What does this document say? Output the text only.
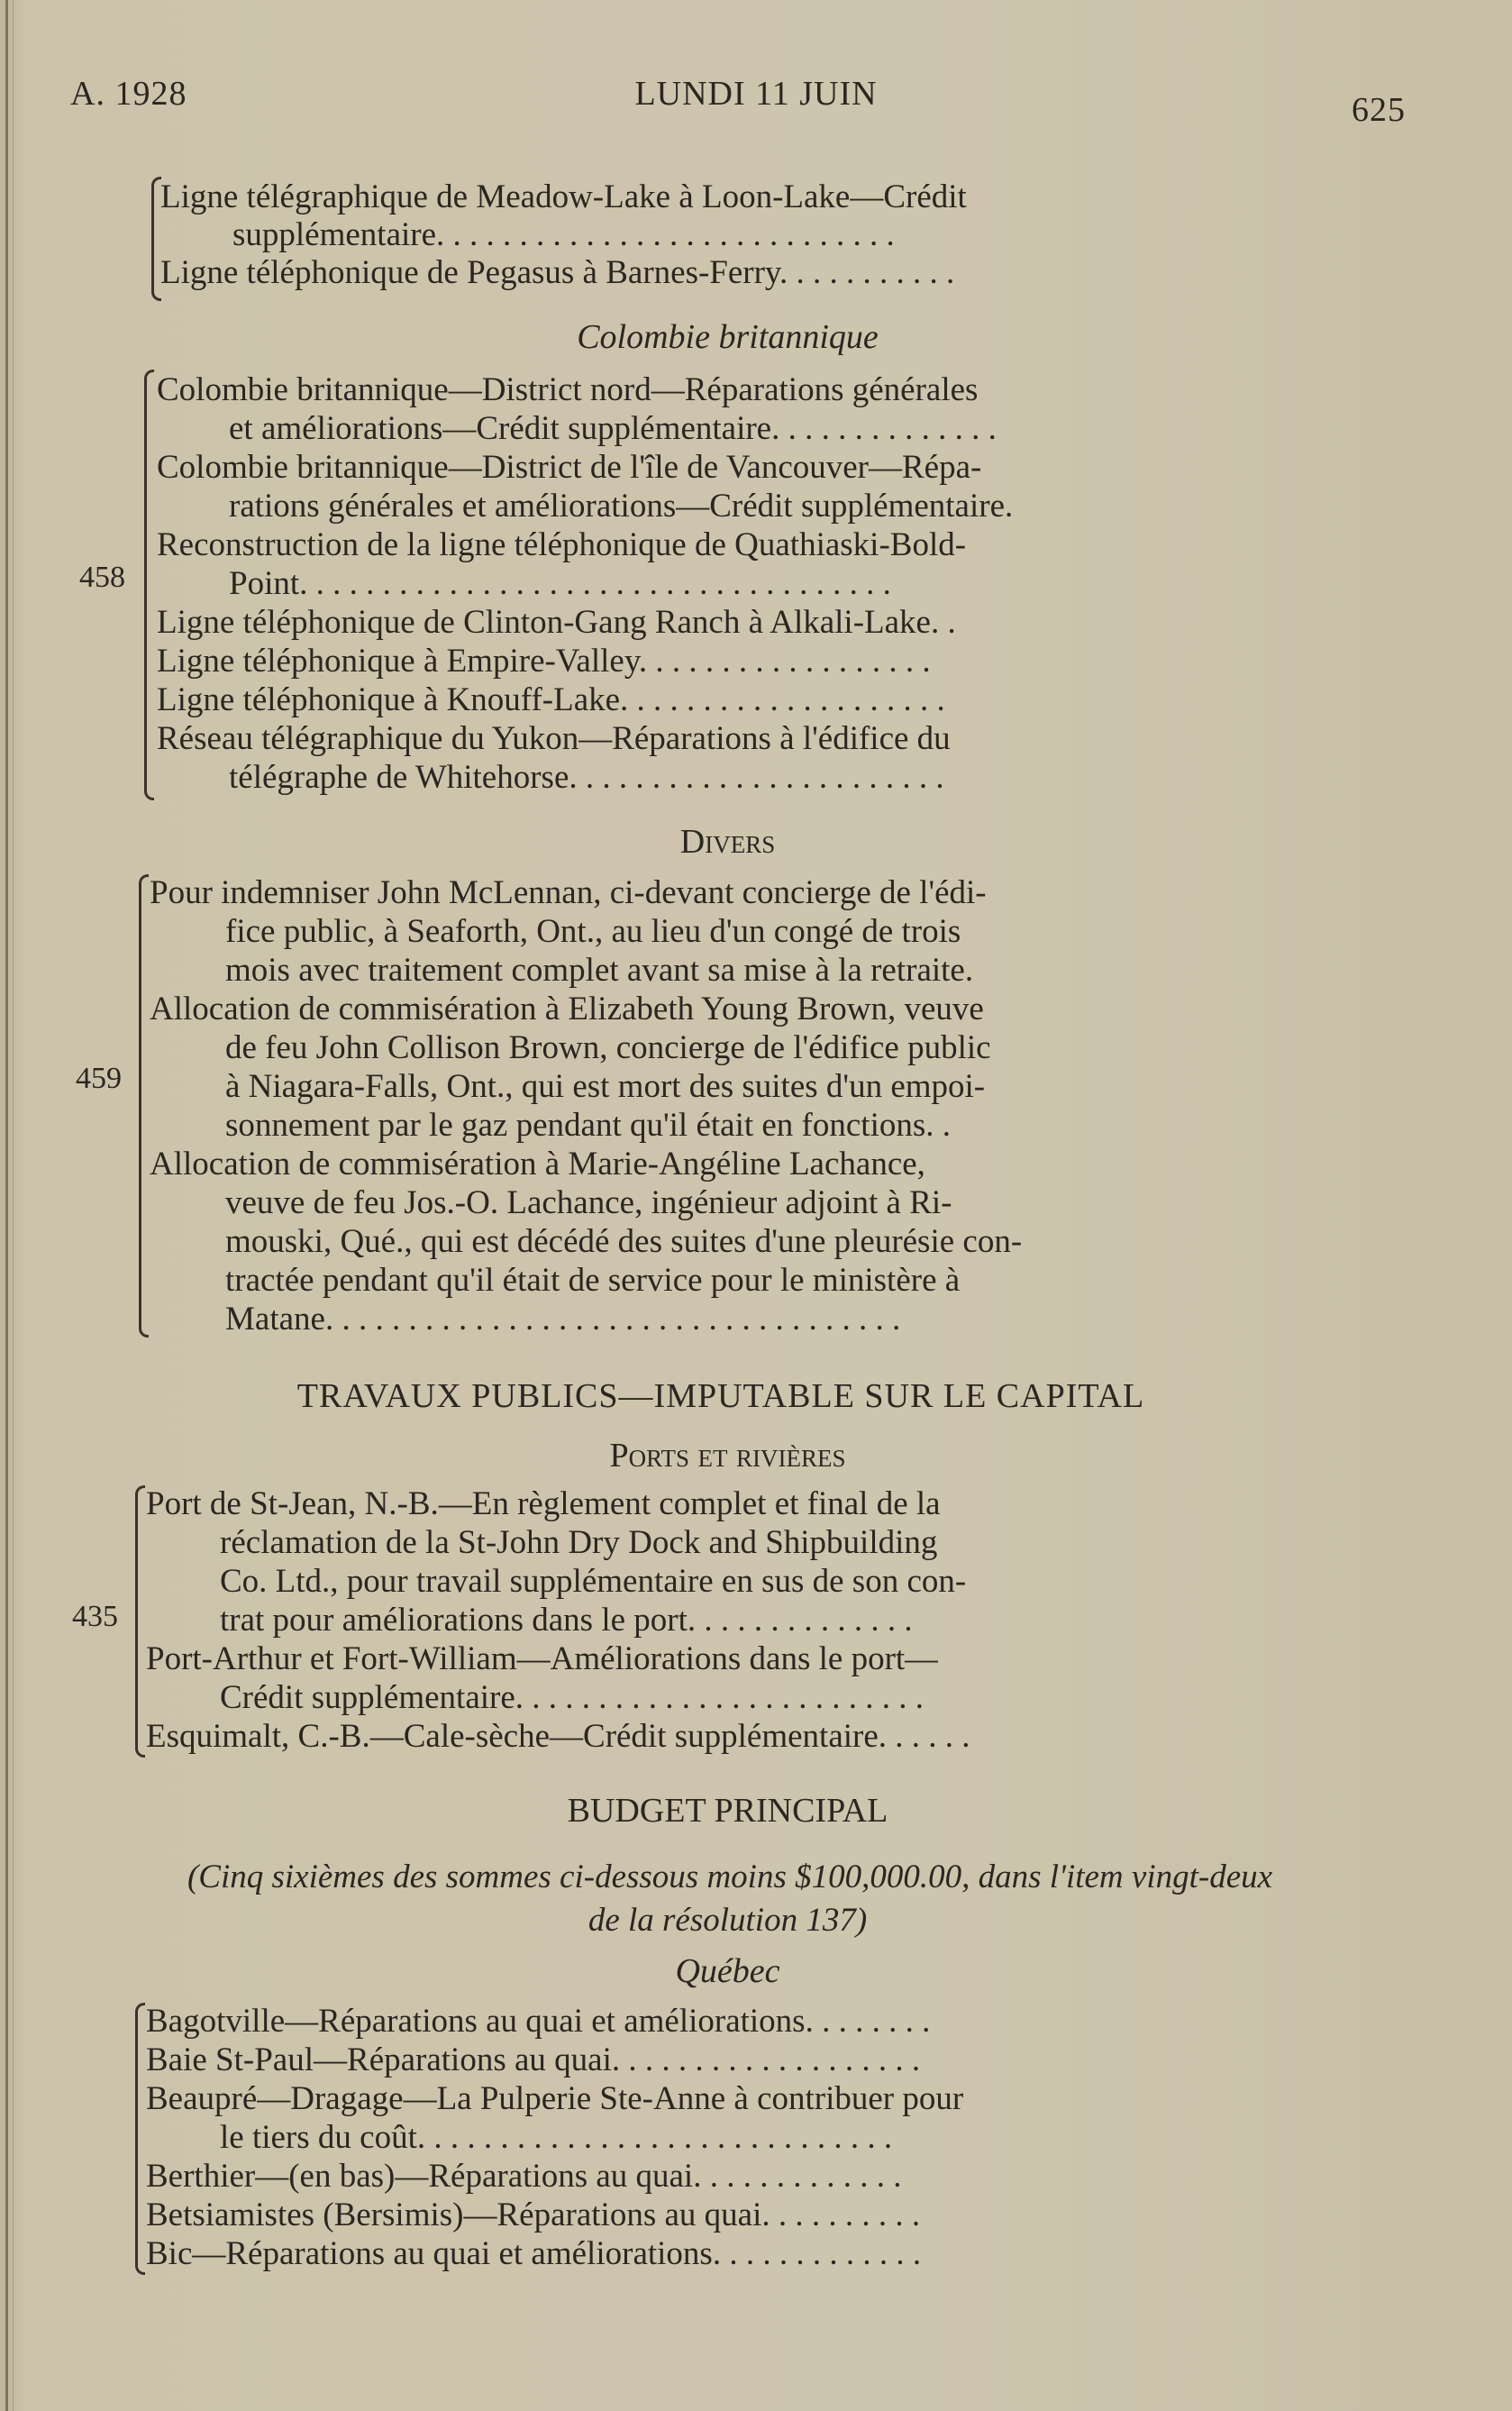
A. 1928	LUNDI 11 JUIN	625
Colombie britannique
Divers
TRAVAUX PUBLICS—IMPUTABLE SUR LE CAPITAL
Ports et rivières
BUDGET PRINCIPAL
(Cinq sixièmes des sommes ci-dessous moins $100,000.00, dans l'item vingt-deux
de la résolution 137)
Québec
458
459
435
Ligne télégraphique de Meadow-Lake à Loon-Lake—Crédit
supplémentaire. . . . . . . . . . . . . . . . . . . . . . . . . . . .
Ligne téléphonique de Pegasus à Barnes-Ferry. . . . . . . . . . .
Colombie britannique—District nord—Réparations générales
et améliorations—Crédit supplémentaire. . . . . . . . . . . . . .
Colombie britannique—District de l'île de Vancouver—Répa-
rations générales et améliorations—Crédit supplémentaire.
Reconstruction de la ligne téléphonique de Quathiaski-Bold-
Point. . . . . . . . . . . . . . . . . . . . . . . . . . . . . . . . . . . .
Ligne téléphonique de Clinton-Gang Ranch à Alkali-Lake. .
Ligne téléphonique à Empire-Valley. . . . . . . . . . . . . . . . . .
Ligne téléphonique à Knouff-Lake. . . . . . . . . . . . . . . . . . . .
Réseau télégraphique du Yukon—Réparations à l'édifice du
télégraphe de Whitehorse. . . . . . . . . . . . . . . . . . . . . . .
Pour indemniser John McLennan, ci-devant concierge de l'édi-
fice public, à Seaforth, Ont., au lieu d'un congé de trois
mois avec traitement complet avant sa mise à la retraite.
Allocation de commisération à Elizabeth Young Brown, veuve
de feu John Collison Brown, concierge de l'édifice public
à Niagara-Falls, Ont., qui est mort des suites d'un empoi-
sonnement par le gaz pendant qu'il était en fonctions. .
Allocation de commisération à Marie-Angéline Lachance,
veuve de feu Jos.-O. Lachance, ingénieur adjoint à Ri-
mouski, Qué., qui est décédé des suites d'une pleurésie con-
tractée pendant qu'il était de service pour le ministère à
Matane. . . . . . . . . . . . . . . . . . . . . . . . . . . . . . . . . . .
Port de St-Jean, N.-B.—En règlement complet et final de la
réclamation de la St-John Dry Dock and Shipbuilding
Co. Ltd., pour travail supplémentaire en sus de son con-
trat pour améliorations dans le port. . . . . . . . . . . . . .
Port-Arthur et Fort-William—Améliorations dans le port—
Crédit supplémentaire. . . . . . . . . . . . . . . . . . . . . . . . .
Esquimalt, C.-B.—Cale-sèche—Crédit supplémentaire. . . . . .
Bagotville—Réparations au quai et améliorations. . . . . . . .
Baie St-Paul—Réparations au quai. . . . . . . . . . . . . . . . . . .
Beaupré—Dragage—La Pulperie Ste-Anne à contribuer pour
le tiers du coût. . . . . . . . . . . . . . . . . . . . . . . . . . . . .
Berthier—(en bas)—Réparations au quai. . . . . . . . . . . . .
Betsiamistes (Bersimis)—Réparations au quai. . . . . . . . . .
Bic—Réparations au quai et améliorations. . . . . . . . . . . . .
